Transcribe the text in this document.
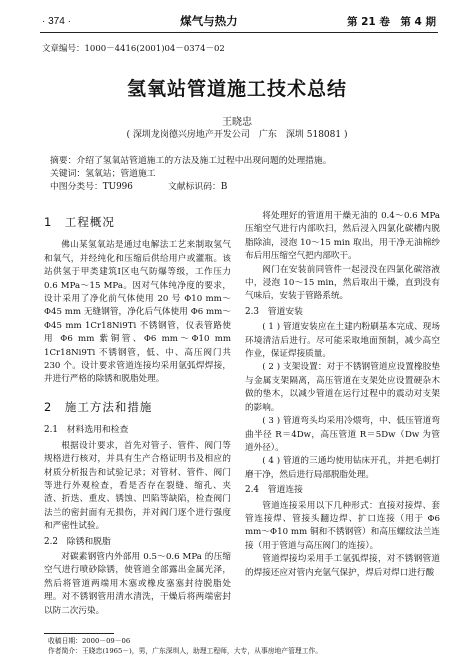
· 374 ·	煤气与热力	第 21 卷　第 4 期
文章编号：1000－4416(2001)04－0374－02
氢氧站管道施工技术总结
王晓忠
( 深圳龙岗德兴房地产开发公司　广东　深圳 518081 )
摘要：介绍了氢氧站管道施工的方法及施工过程中出现问题的处理措施。
关键词：氢氧站；管道施工
中图分类号：TU996　　　　文献标识码：B

1　工程概况

佛山某氢氧站是通过电解法工艺来制取氢气和氧气，并经纯化和压缩后供给用户或灌瓶。该站供氢于甲类建筑Ⅰ区电气防爆等级，工作压力 0.6 MPa～15 MPa。因对气体纯净度的要求，设计采用了净化前气体使用 20 号 Φ10 mm～Φ45 mm 无缝钢管，净化后气体使用 Φ6 mm～Φ45 mm 1Cr18Ni9Ti 不锈钢管，仪表管路使用 Φ6 mm 紫铜管、Φ6 mm～Φ10 mm 1Cr18Ni9Ti 不锈钢管，低、中、高压阀门共 230 个。设计要求管道连接均采用氩弧焊焊接，并进行严格的除锈和脱脂处理。

2　施工方法和措施

2.1　材料选用和检查

根据设计要求，首先对管子、管件、阀门等规格进行核对，并具有生产合格证明书及相应的材质分析报告和试验记录；对管材、管件、阀门等进行外观检查，看是否存在裂缝、缩孔、夹渣、折迭、重皮、锈蚀、凹陷等缺陷，检查阀门法兰的密封面有无损伤，并对阀门逐个进行强度和严密性试验。

2.2　除锈和脱脂

对碳素钢管内外部用 0.5～0.6 MPa 的压缩空气进行喷砂除锈，使管道全部露出金属光泽，然后将管道两端用木塞或橡皮塞塞封待脱脂处理。对不锈钢管用清水清洗，干燥后将两端密封以防二次污染。

将处理好的管道用干燥无油的 0.4～0.6 MPa 压缩空气进行内部吹扫，然后浸入四氯化碳槽内脱脂除油，浸泡 10～15 min 取出，用干净无油棉纱布后用压缩空气把内部吹干。

阀门在安装前同管件一起浸没在四氯化碳溶液中，浸泡 10～15 min，然后取出干燥，直到没有气味后，安装于管路系统。

2.3　管道安装

( 1 ) 管道安装应在土建内粉刷基本完成、现场环境清洁后进行。尽可能采取地面预制，减少高空作业，保证焊接质量。

( 2 ) 支架设置：对于不锈钢管道应设置橡胶垫与金属支架隔离，高压管道在支架处应设置硬杂木做的垫木，以减少管道在运行过程中的震动对支架的影响。

( 3 ) 管道弯头均采用冷煨弯，中、低压管道弯曲半径 R＝4Dw，高压管道 R＝5Dw（Dw 为管道外径）。

( 4 ) 管道的三通均使用钻床开孔，并把毛刺打磨干净，然后进行局部脱脂处理。

2.4　管道连接

管道连接采用以下几种形式：直接对接焊、套管连接焊、管接头翻边焊、扩口连接（用于 Φ6 mm～Φ10 mm 铜和不锈钢管）和高压螺纹法兰连接（用于管道与高压阀门的连接）。

管道焊接均采用手工氩弧焊接，对不锈钢管道的焊接还应对管内充氩气保护，焊后对焊口进行酸

收稿日期：2000－09－06
作者简介：王晓忠(1965－)，男，广东深圳人，助理工程师，大专，从事房地产管理工作。
